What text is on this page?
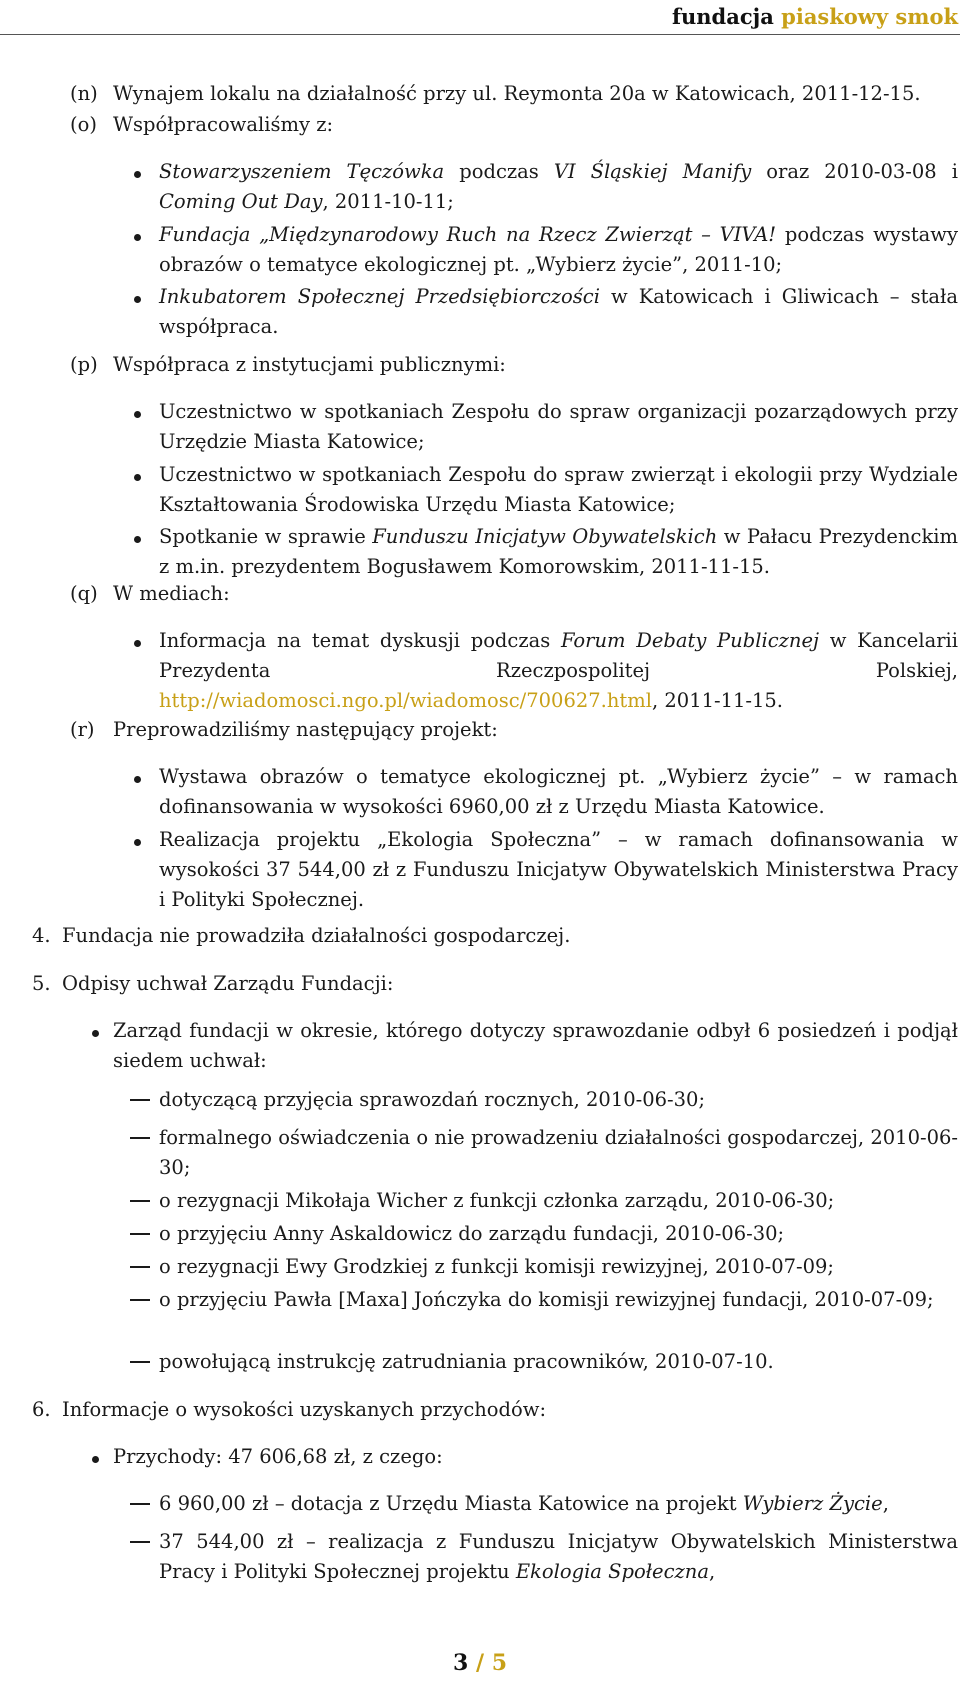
fundacja piaskowy smok
(n) Wynajem lokalu na działalność przy ul. Reymonta 20a w Katowicach, 2011-12-15.
(o) Współpracowaliśmy z:
Stowarzyszeniem Tęczówka podczas VI Śląskiej Manify oraz 2010-03-08 i Coming Out Day, 2011-10-11;
Fundacja „Międzynarodowy Ruch na Rzecz Zwierząt – VIVA! podczas wystawy obrazów o tematyce ekologicznej pt. „Wybierz życie”, 2011-10;
Inkubatorem Społecznej Przedsiębiorczości w Katowicach i Gliwicach – stała współpraca.
(p) Współpraca z instytucjami publicznymi:
Uczestnictwo w spotkaniach Zespołu do spraw organizacji pozarządowych przy Urzędzie Miasta Katowice;
Uczestnictwo w spotkaniach Zespołu do spraw zwierząt i ekologii przy Wydziale Kształtowania Środowiska Urzędu Miasta Katowice;
Spotkanie w sprawie Funduszu Inicjatyw Obywatelskich w Pałacu Prezydenckim z m.in. prezydentem Bogusławem Komorowskim, 2011-11-15.
(q) W mediach:
Informacja na temat dyskusji podczas Forum Debaty Publicznej w Kancelarii Prezydenta Rzeczpospolitej Polskiej, http://wiadomosci.ngo.pl/wiadomosc/700627.html, 2011-11-15.
(r) Preprowadziliśmy następujący projekt:
Wystawa obrazów o tematyce ekologicznej pt. „Wybierz życie” – w ramach dofinansowania w wysokości 6960,00 zł z Urzędu Miasta Katowice.
Realizacja projektu „Ekologia Społeczna” – w ramach dofinansowania w wysokości 37 544,00 zł z Funduszu Inicjatyw Obywatelskich Ministerstwa Pracy i Polityki Społecznej.
4. Fundacja nie prowadziła działalności gospodarczej.
5. Odpisy uchwał Zarządu Fundacji:
Zarząd fundacji w okresie, którego dotyczy sprawozdanie odbył 6 posiedzeń i podjął siedem uchwał:
dotyczącą przyjęcia sprawozdań rocznych, 2010-06-30;
formalnego oświadczenia o nie prowadzeniu działalności gospodarczej, 2010-06-30;
o rezygnacji Mikołaja Wicher z funkcji członka zarządu, 2010-06-30;
o przyjęciu Anny Askaldowicz do zarządu fundacji, 2010-06-30;
o rezygnacji Ewy Grodzkiej z funkcji komisji rewizyjnej, 2010-07-09;
o przyjęciu Pawła [Maxa] Jończyka do komisji rewizyjnej fundacji, 2010-07-09;
powołującą instrukcję zatrudniania pracowników, 2010-07-10.
6. Informacje o wysokości uzyskanych przychodów:
Przychody: 47 606,68 zł, z czego:
6 960,00 zł – dotacja z Urzędu Miasta Katowice na projekt Wybierz Życie,
37 544,00 zł – realizacja z Funduszu Inicjatyw Obywatelskich Ministerstwa Pracy i Polityki Społecznej projektu Ekologia Społeczna,
3 / 5
